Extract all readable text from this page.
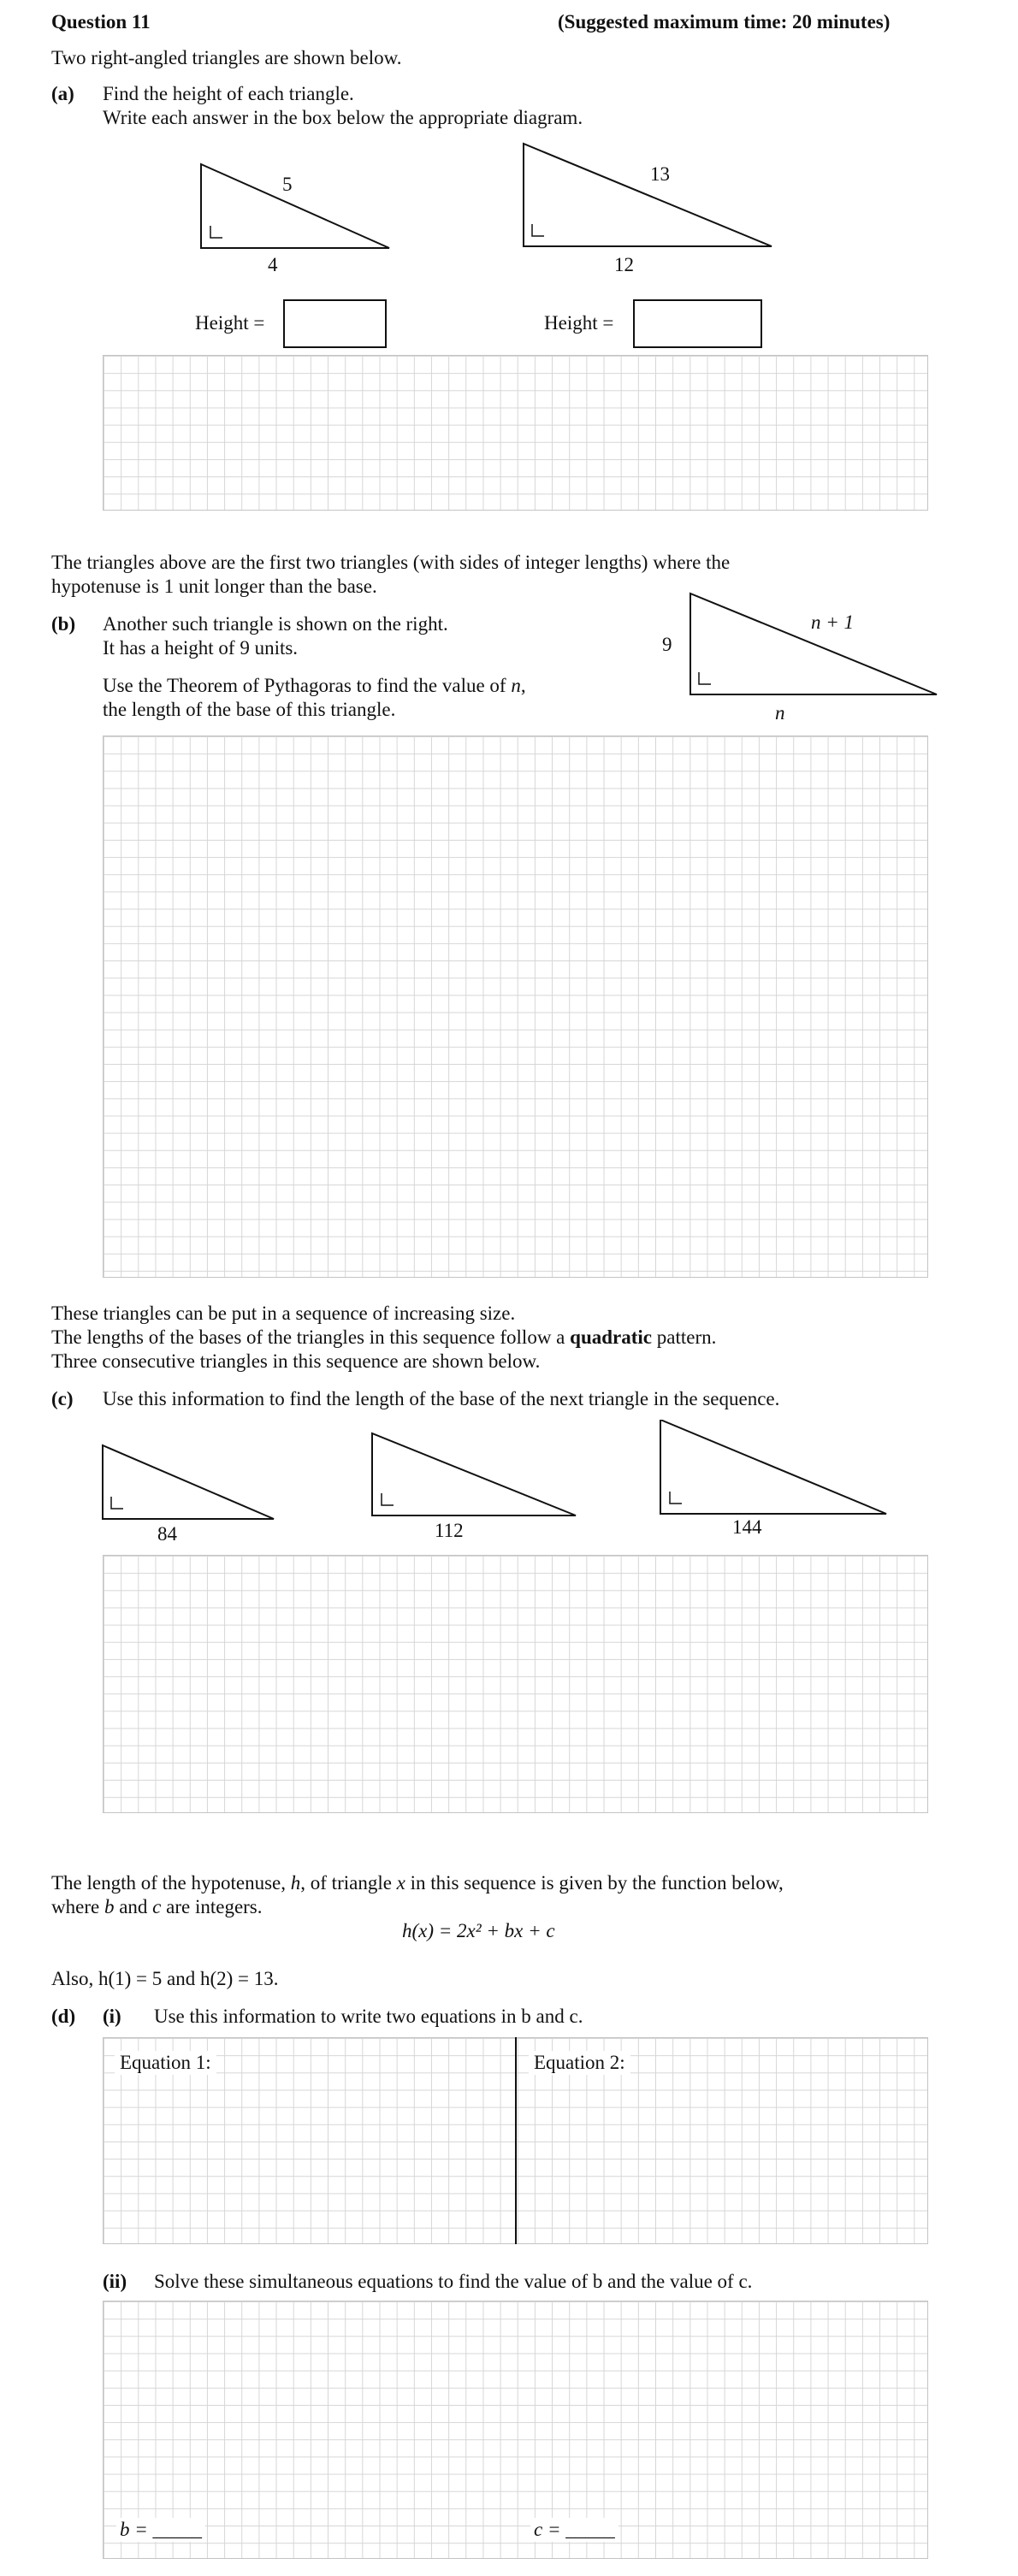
Question 11	(Suggested maximum time: 20 minutes)
Two right-angled triangles are shown below.
(a) Find the height of each triangle.
Write each answer in the box below the appropriate diagram.
5
4
13
12
Height =	Height =
The triangles above are the first two triangles (with sides of integer lengths) where the
hypotenuse is 1 unit longer than the base.
(b) Another such triangle is shown on the right.
It has a height of 9 units.
Use the Theorem of Pythagoras to find the value of n,
the length of the base of this triangle.
9
n + 1
n
These triangles can be put in a sequence of increasing size.
The lengths of the bases of the triangles in this sequence follow a quadratic pattern.
Three consecutive triangles in this sequence are shown below.
(c) Use this information to find the length of the base of the next triangle in the sequence.
84	112	144
The length of the hypotenuse, h, of triangle x in this sequence is given by the function below,
where b and c are integers.
h(x) = 2x² + bx + c
Also, h(1) = 5 and h(2) = 13.
(d) (i) Use this information to write two equations in b and c.
Equation 1:	Equation 2:
(ii) Solve these simultaneous equations to find the value of b and the value of c.
b = _____	c = _____
